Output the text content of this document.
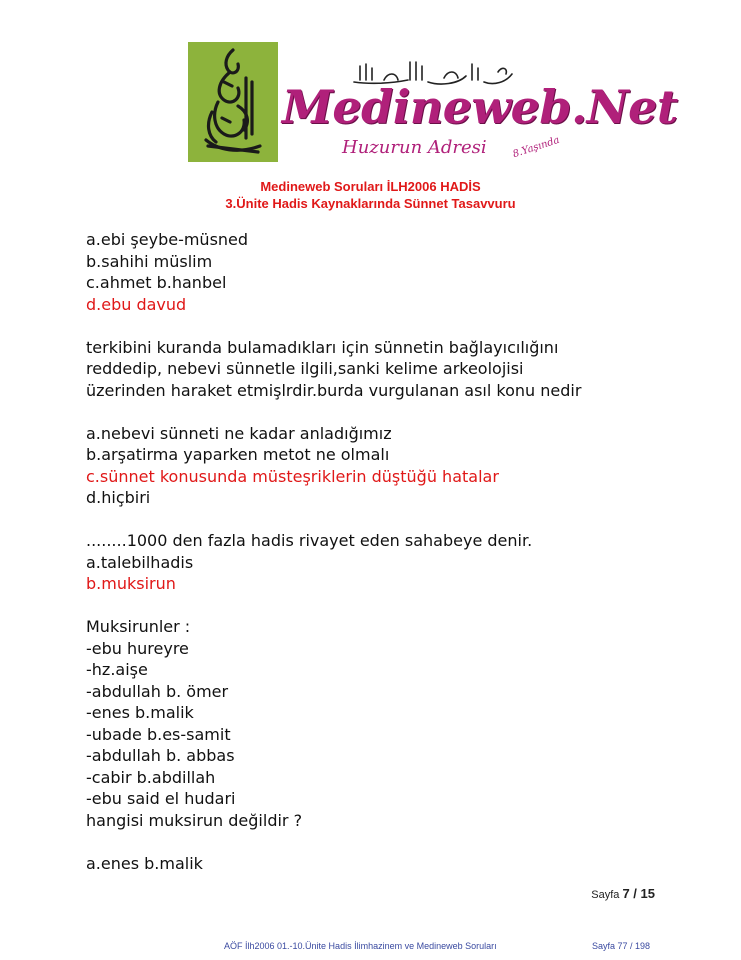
Medineweb.Net
Huzurun Adresi 8.Yaşında
Medineweb Soruları İLH2006 HADİS
3.Ünite Hadis Kaynaklarında Sünnet Tasavvuru
a.ebi şeybe-müsned
b.sahihi müslim
c.ahmet b.hanbel
d.ebu davud
terkibini kuranda bulamadıkları için sünnetin bağlayıcılığını
reddedip, nebevi sünnetle ilgili,sanki kelime arkeolojisi
üzerinden haraket etmişlrdir.burda vurgulanan asıl konu nedir
a.nebevi sünneti ne kadar anladığımız
b.arşatirma yaparken metot ne olmalı
c.sünnet konusunda müsteşriklerin düştüğü hatalar
d.hiçbiri
........1000 den fazla hadis rivayet eden sahabeye denir.
a.talebilhadis
b.muksirun
Muksirunler :
-ebu hureyre
-hz.aişe
-abdullah b. ömer
-enes b.malik
-ubade b.es-samit
-abdullah b. abbas
-cabir b.abdillah
-ebu said el hudari
hangisi muksirun değildir ?
a.enes b.malik
Sayfa 7 / 15
AÖF İlh2006 01.-10.Ünite Hadis İlimhazinem ve Medineweb Soruları	Sayfa 77 / 198
